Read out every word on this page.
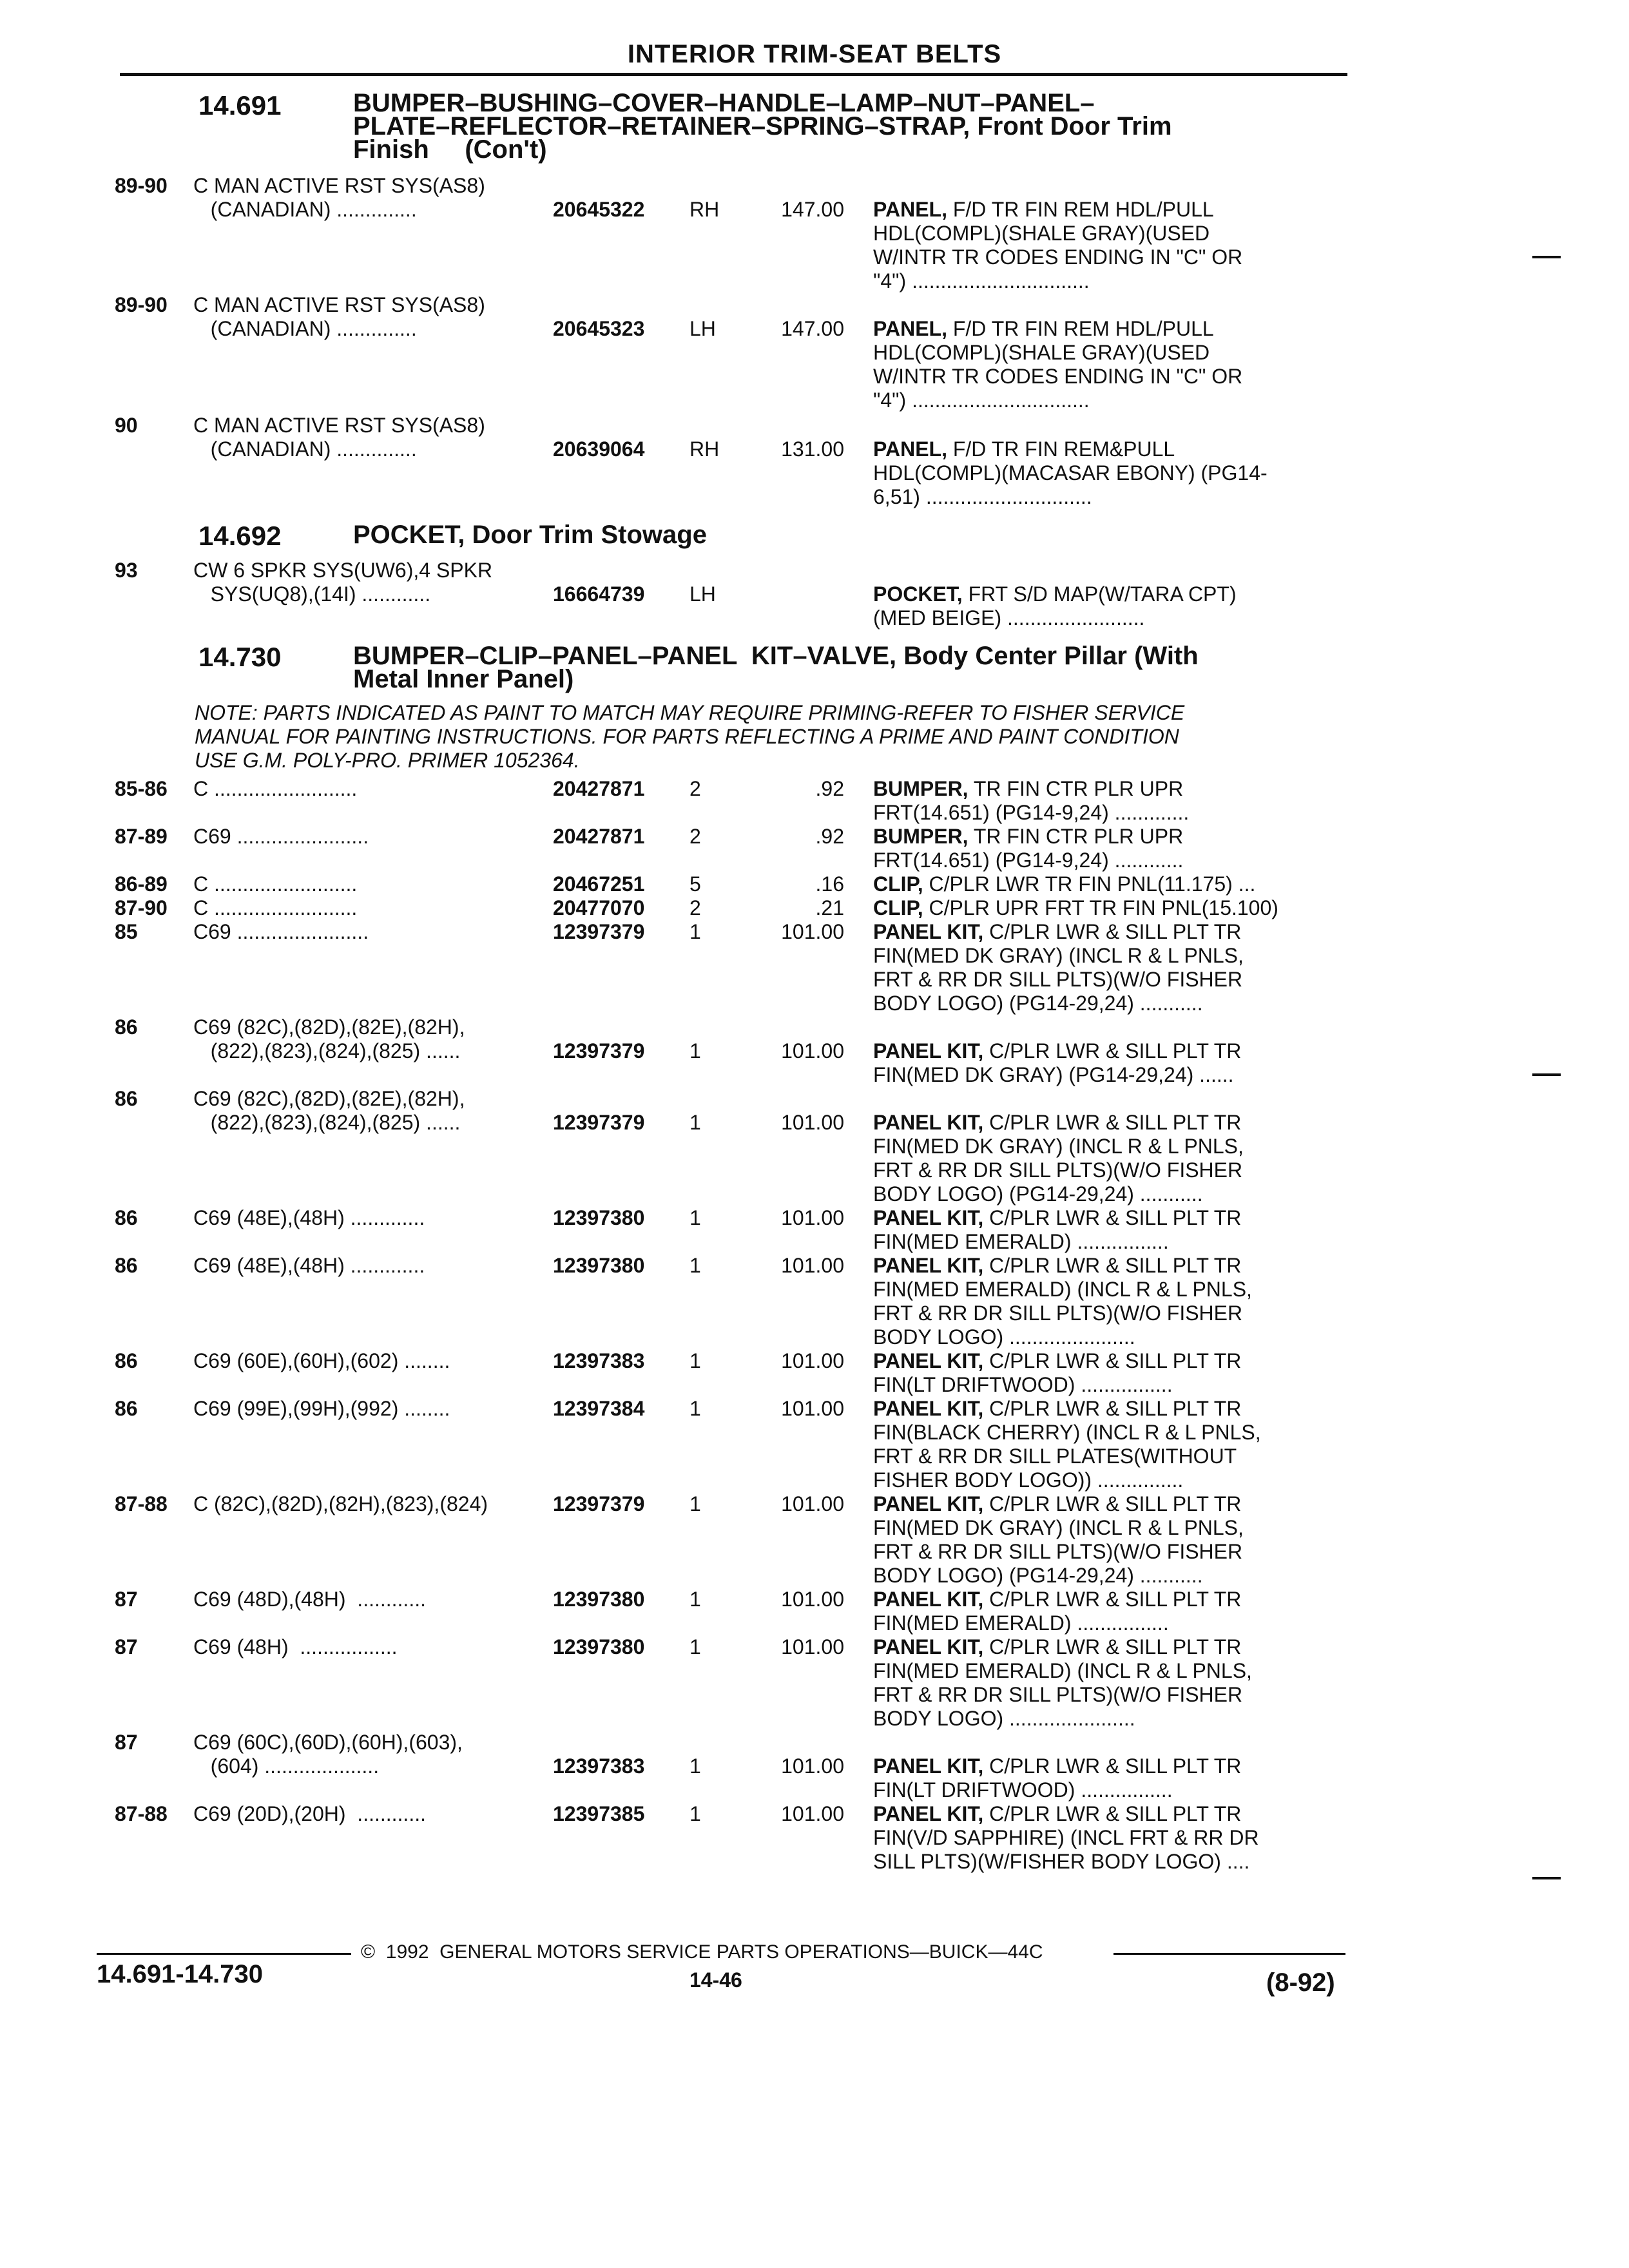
INTERIOR TRIM-SEAT BELTS
14.691	BUMPER–BUSHING–COVER–HANDLE–LAMP–NUT–PANEL–
PLATE–REFLECTOR–RETAINER–SPRING–STRAP, Front Door Trim
Finish     (Con't)
89-90 C MAN ACTIVE RST SYS(AS8)
(CANADIAN) ..............	20645322 RH	147.00 PANEL, F/D TR FIN REM HDL/PULL
HDL(COMPL)(SHALE GRAY)(USED
W/INTR TR CODES ENDING IN "C" OR
"4") ...............................
89-90 C MAN ACTIVE RST SYS(AS8)
(CANADIAN) ..............	20645323 LH	147.00 PANEL, F/D TR FIN REM HDL/PULL
HDL(COMPL)(SHALE GRAY)(USED
W/INTR TR CODES ENDING IN "C" OR
"4") ...............................
90	C MAN ACTIVE RST SYS(AS8)
(CANADIAN) ..............	20639064 RH	131.00 PANEL, F/D TR FIN REM&PULL
HDL(COMPL)(MACASAR EBONY) (PG14-
6,51) .............................
14.692	POCKET, Door Trim Stowage
93	CW 6 SPKR SYS(UW6),4 SPKR
SYS(UQ8),(14I) ............	16664739 LH	POCKET, FRT S/D MAP(W/TARA CPT)
(MED BEIGE) ........................
14.730	BUMPER–CLIP–PANEL–PANEL  KIT–VALVE, Body Center Pillar (With
Metal Inner Panel)
NOTE: PARTS INDICATED AS PAINT TO MATCH MAY REQUIRE PRIMING-REFER TO FISHER SERVICE
MANUAL FOR PAINTING INSTRUCTIONS. FOR PARTS REFLECTING A PRIME AND PAINT CONDITION
USE G.M. POLY-PRO. PRIMER 1052364.
85-86 C .........................	20427871 2	.92 BUMPER, TR FIN CTR PLR UPR
FRT(14.651) (PG14-9,24) .............
87-89 C69 .......................	20427871 2	.92 BUMPER, TR FIN CTR PLR UPR
FRT(14.651) (PG14-9,24) ............
86-89 C .........................	20467251 5	.16 CLIP, C/PLR LWR TR FIN PNL(11.175) ...
87-90 C .........................	20477070 2	.21 CLIP, C/PLR UPR FRT TR FIN PNL(15.100)
85	C69 .......................	12397379 1	101.00 PANEL KIT, C/PLR LWR & SILL PLT TR
FIN(MED DK GRAY) (INCL R & L PNLS,
FRT & RR DR SILL PLTS)(W/O FISHER
BODY LOGO) (PG14-29,24) ...........
86	C69 (82C),(82D),(82E),(82H),
(822),(823),(824),(825) ......	12397379 1	101.00 PANEL KIT, C/PLR LWR & SILL PLT TR
FIN(MED DK GRAY) (PG14-29,24) ......
86	C69 (82C),(82D),(82E),(82H),
(822),(823),(824),(825) ......	12397379 1	101.00 PANEL KIT, C/PLR LWR & SILL PLT TR
FIN(MED DK GRAY) (INCL R & L PNLS,
FRT & RR DR SILL PLTS)(W/O FISHER
BODY LOGO) (PG14-29,24) ...........
86	C69 (48E),(48H) .............	12397380 1	101.00 PANEL KIT, C/PLR LWR & SILL PLT TR
FIN(MED EMERALD) ................
86	C69 (48E),(48H) .............	12397380 1	101.00 PANEL KIT, C/PLR LWR & SILL PLT TR
FIN(MED EMERALD) (INCL R & L PNLS,
FRT & RR DR SILL PLTS)(W/O FISHER
BODY LOGO) ......................
86	C69 (60E),(60H),(602) ........	12397383 1	101.00 PANEL KIT, C/PLR LWR & SILL PLT TR
FIN(LT DRIFTWOOD) ................
86	C69 (99E),(99H),(992) ........	12397384 1	101.00 PANEL KIT, C/PLR LWR & SILL PLT TR
FIN(BLACK CHERRY) (INCL R & L PNLS,
FRT & RR DR SILL PLATES(WITHOUT
FISHER BODY LOGO)) ...............
87-88 C (82C),(82D),(82H),(823),(824)	12397379 1	101.00 PANEL KIT, C/PLR LWR & SILL PLT TR
FIN(MED DK GRAY) (INCL R & L PNLS,
FRT & RR DR SILL PLTS)(W/O FISHER
BODY LOGO) (PG14-29,24) ...........
87	C69 (48D),(48H)  ............	12397380 1	101.00 PANEL KIT, C/PLR LWR & SILL PLT TR
FIN(MED EMERALD) ................
87	C69 (48H)  .................	12397380 1	101.00 PANEL KIT, C/PLR LWR & SILL PLT TR
FIN(MED EMERALD) (INCL R & L PNLS,
FRT & RR DR SILL PLTS)(W/O FISHER
BODY LOGO) ......................
87	C69 (60C),(60D),(60H),(603),
(604) ....................	12397383 1	101.00 PANEL KIT, C/PLR LWR & SILL PLT TR
FIN(LT DRIFTWOOD) ................
87-88 C69 (20D),(20H)  ............	12397385 1	101.00 PANEL KIT, C/PLR LWR & SILL PLT TR
FIN(V/D SAPPHIRE) (INCL FRT & RR DR
SILL PLTS)(W/FISHER BODY LOGO) ....
©  1992  GENERAL MOTORS SERVICE PARTS OPERATIONS—BUICK—44C
14.691-14.730	14-46	(8-92)
